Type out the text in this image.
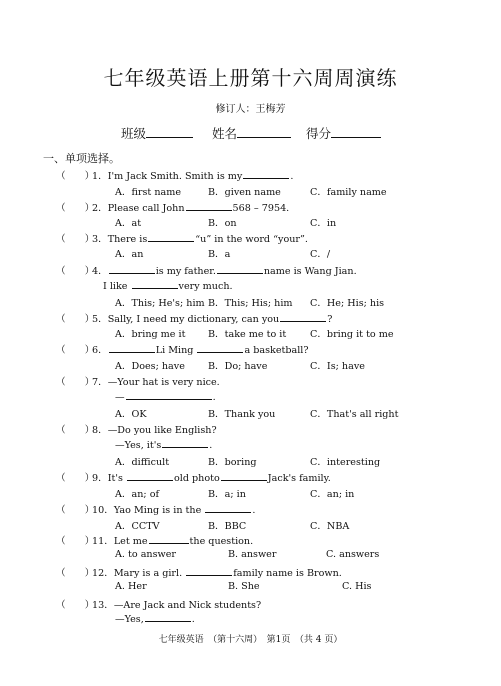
七年级英语上册第十六周周演练
修订人：王梅芳
班级	姓名	得分
一、单项选择。
（　　）1．I'm Jack Smith. Smith is my	.
A．first name	B．given name	C．family name
（　　）2．Please call John	568 – 7954.
A．at	B．on	C．in
（　　）3．There is	“u” in the word “your”.
A．an	B．a	C．/
（　　）4．	is my father.	name is Wang Jian.
I like	very much.
A．This; He's; him B．This; His; him C．He; His; his
（　　）5．Sally, I need my dictionary, can you	?
A．bring me it B．take me to it C．bring it to me
（　　）6．	Li Ming	a basketball?
A．Does; have B．Do; have	C．Is; have
（　　）7．—Your hat is very nice.
—	.
A．OK	B．Thank you	C．That's all right
（　　）8．—Do you like English?
—Yes, it's	.
A．difficult	B．boring	C．interesting
（　　）9．It's	old photo	Jack's family.
A．an; of	B．a; in	C．an; in
（　　）10．Yao Ming is in the	.
A．CCTV	B．BBC	C．NBA
（　　）11．Let me	the question.
A. to answer	B. answer	C. answers
（　　）12．Mary is a girl.	family name is Brown.
A. Her	B. She	C. His
（　　）13．—Are Jack and Nick students?
—Yes,	.
七年级英语　（第十六周）　第1页　（共 4 页）
